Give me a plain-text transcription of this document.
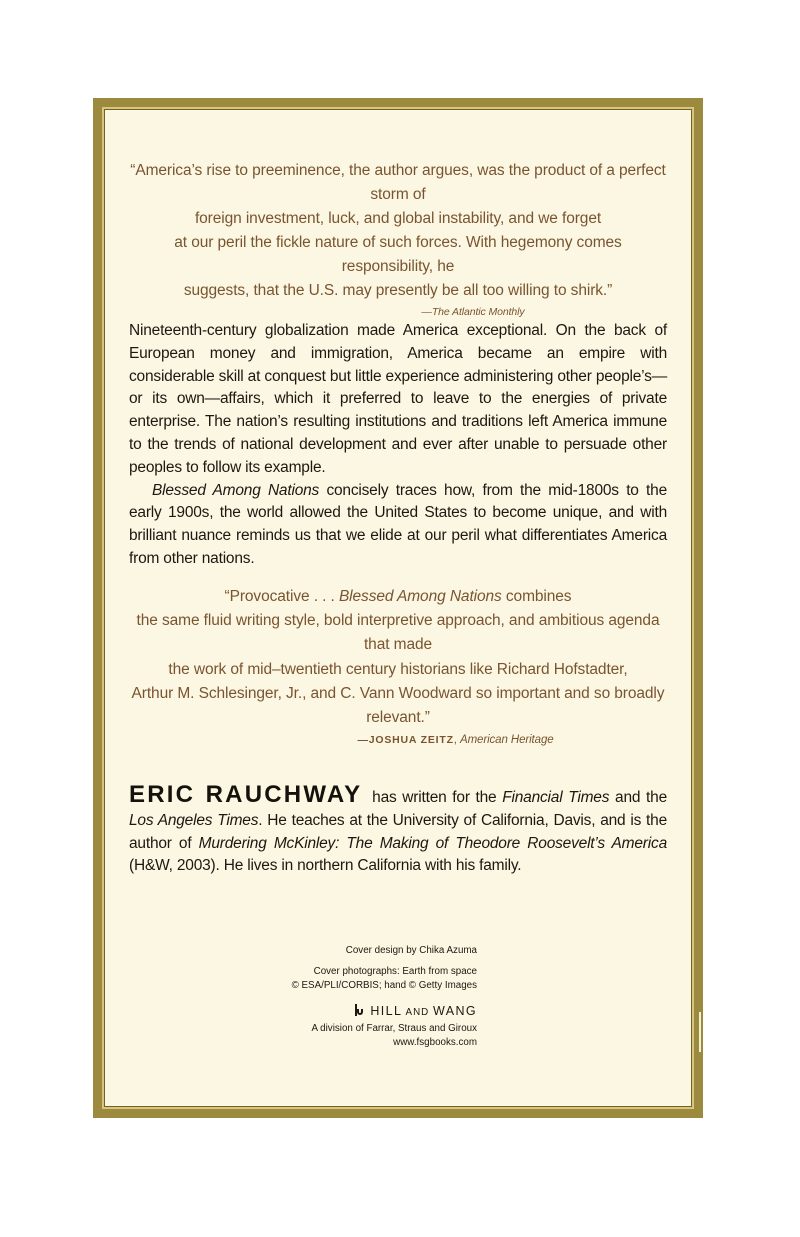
“America’s rise to preeminence, the author argues, was the product of a perfect storm of
foreign investment, luck, and global instability, and we forget
at our peril the fickle nature of such forces. With hegemony comes responsibility, he
suggests, that the U.S. may presently be all too willing to shirk.”
—The Atlantic Monthly

Nineteenth-century globalization made America exceptional. On the back of European money and immigration, America became an empire with considerable skill at conquest but little experience administering other people’s—or its own—affairs, which it preferred to leave to the energies of private enterprise. The nation’s resulting institutions and traditions left America immune to the trends of national development and ever after unable to persuade other peoples to follow its example.

Blessed Among Nations concisely traces how, from the mid-1800s to the early 1900s, the world allowed the United States to become unique, and with brilliant nuance reminds us that we elide at our peril what differentiates America from other nations.

“Provocative . . . Blessed Among Nations combines
the same fluid writing style, bold interpretive approach, and ambitious agenda that made
the work of mid–twentieth century historians like Richard Hofstadter,
Arthur M. Schlesinger, Jr., and C. Vann Woodward so important and so broadly relevant.”
—JOSHUA ZEITZ, American Heritage
ERIC RAUCHWAY has written for the Financial Times and the Los Angeles Times. He teaches at the University of California, Davis, and is the author of Murdering McKinley: The Making of Theodore Roosevelt’s America (H&W, 2003). He lives in northern California with his family.
Cover design by Chika Azuma
Cover photographs: Earth from space
© ESA/PLI/CORBIS; hand © Getty Images
HILL AND WANG
A division of Farrar, Straus and Giroux
www.fsgbooks.com
